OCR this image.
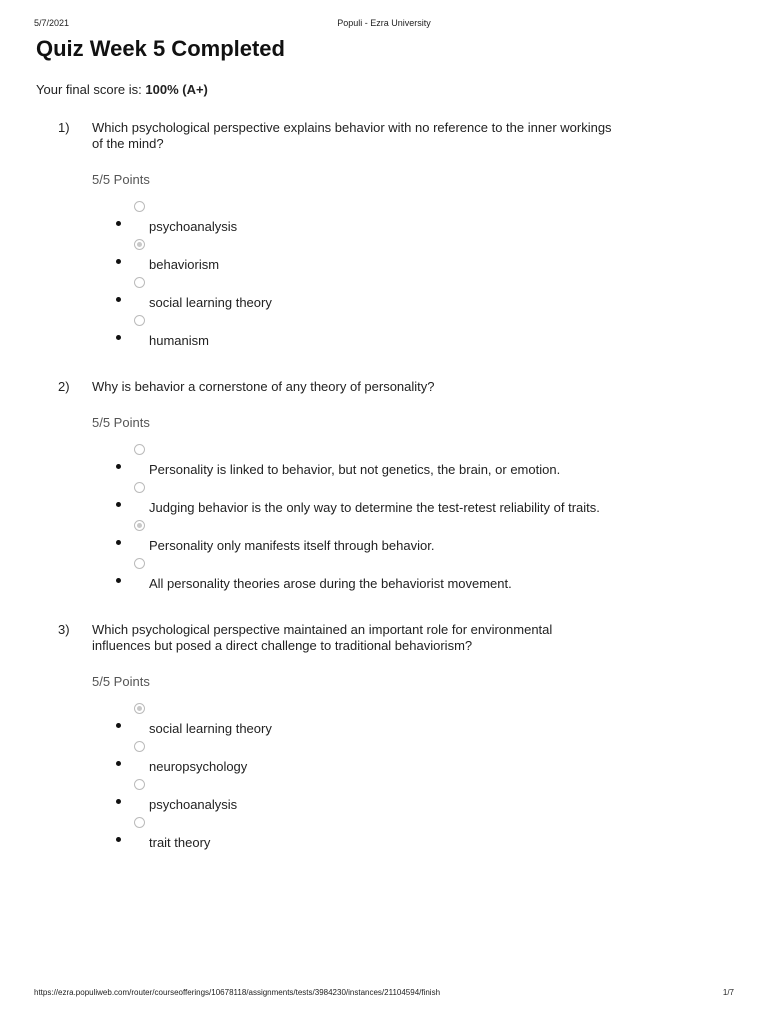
5/7/2021	Populi - Ezra University
Quiz Week 5 Completed
Your final score is: 100% (A+)
1) Which psychological perspective explains behavior with no reference to the inner workings of the mind?
5/5 Points
psychoanalysis
behaviorism
social learning theory
humanism
2) Why is behavior a cornerstone of any theory of personality?
5/5 Points
Personality is linked to behavior, but not genetics, the brain, or emotion.
Judging behavior is the only way to determine the test-retest reliability of traits.
Personality only manifests itself through behavior.
All personality theories arose during the behaviorist movement.
3) Which psychological perspective maintained an important role for environmental influences but posed a direct challenge to traditional behaviorism?
5/5 Points
social learning theory
neuropsychology
psychoanalysis
trait theory
https://ezra.populiweb.com/router/courseofferings/10678118/assignments/tests/3984230/instances/21104594/finish	1/7
